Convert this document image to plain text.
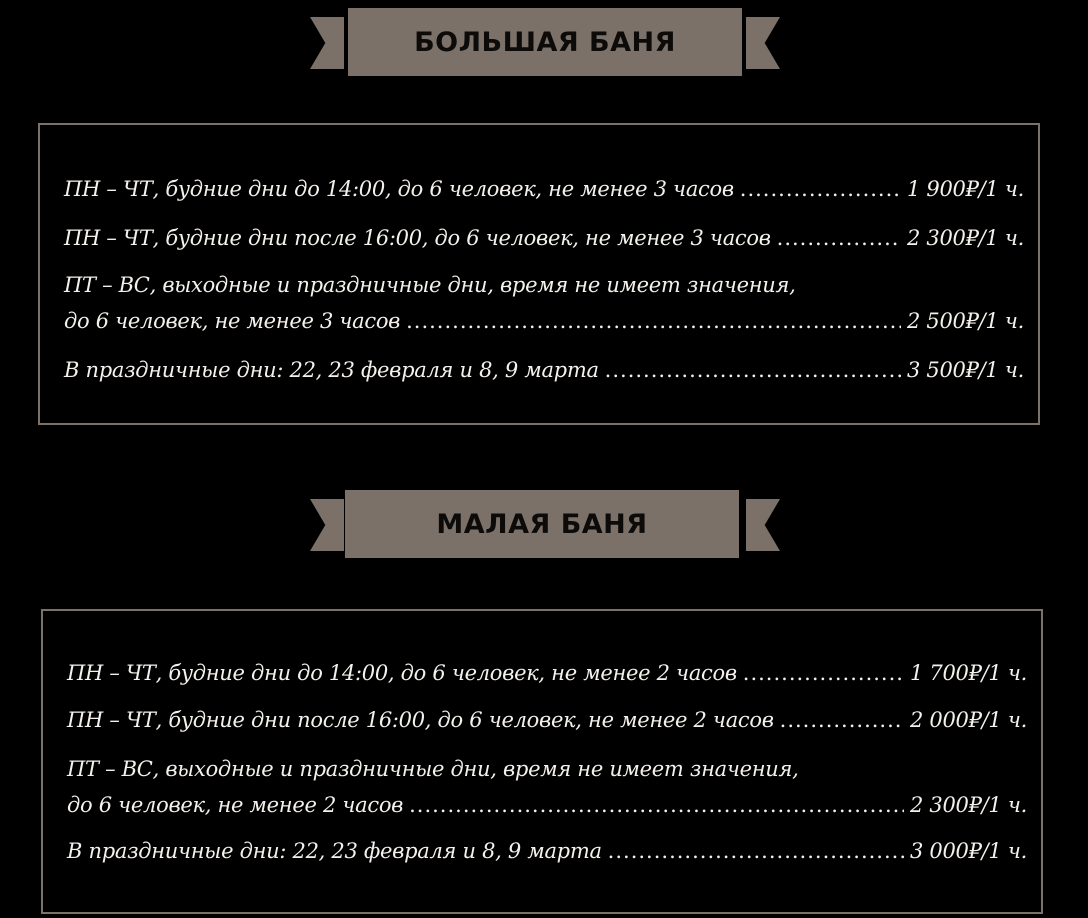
БОЛЬШАЯ БАНЯ
ПН – ЧТ, будние дни до 14:00, до 6 человек, не менее 3 часов .....	1 900₽/1 ч.
ПН – ЧТ, будние дни после 16:00, до 6 человек, не менее 3 часов .....	2 300₽/1 ч.
ПТ – ВС, выходные и праздничные дни, время не имеет значения,
до 6 человек, не менее 3 часов .....	2 500₽/1 ч.
В праздничные дни: 22, 23 февраля и 8, 9 марта .....	3 500₽/1 ч.
МАЛАЯ БАНЯ
ПН – ЧТ, будние дни до 14:00, до 6 человек, не менее 2 часов .....	1 700₽/1 ч.
ПН – ЧТ, будние дни после 16:00, до 6 человек, не менее 2 часов .....	2 000₽/1 ч.
ПТ – ВС, выходные и праздничные дни, время не имеет значения,
до 6 человек, не менее 2 часов .....	2 300₽/1 ч.
В праздничные дни: 22, 23 февраля и 8, 9 марта .....	3 000₽/1 ч.
